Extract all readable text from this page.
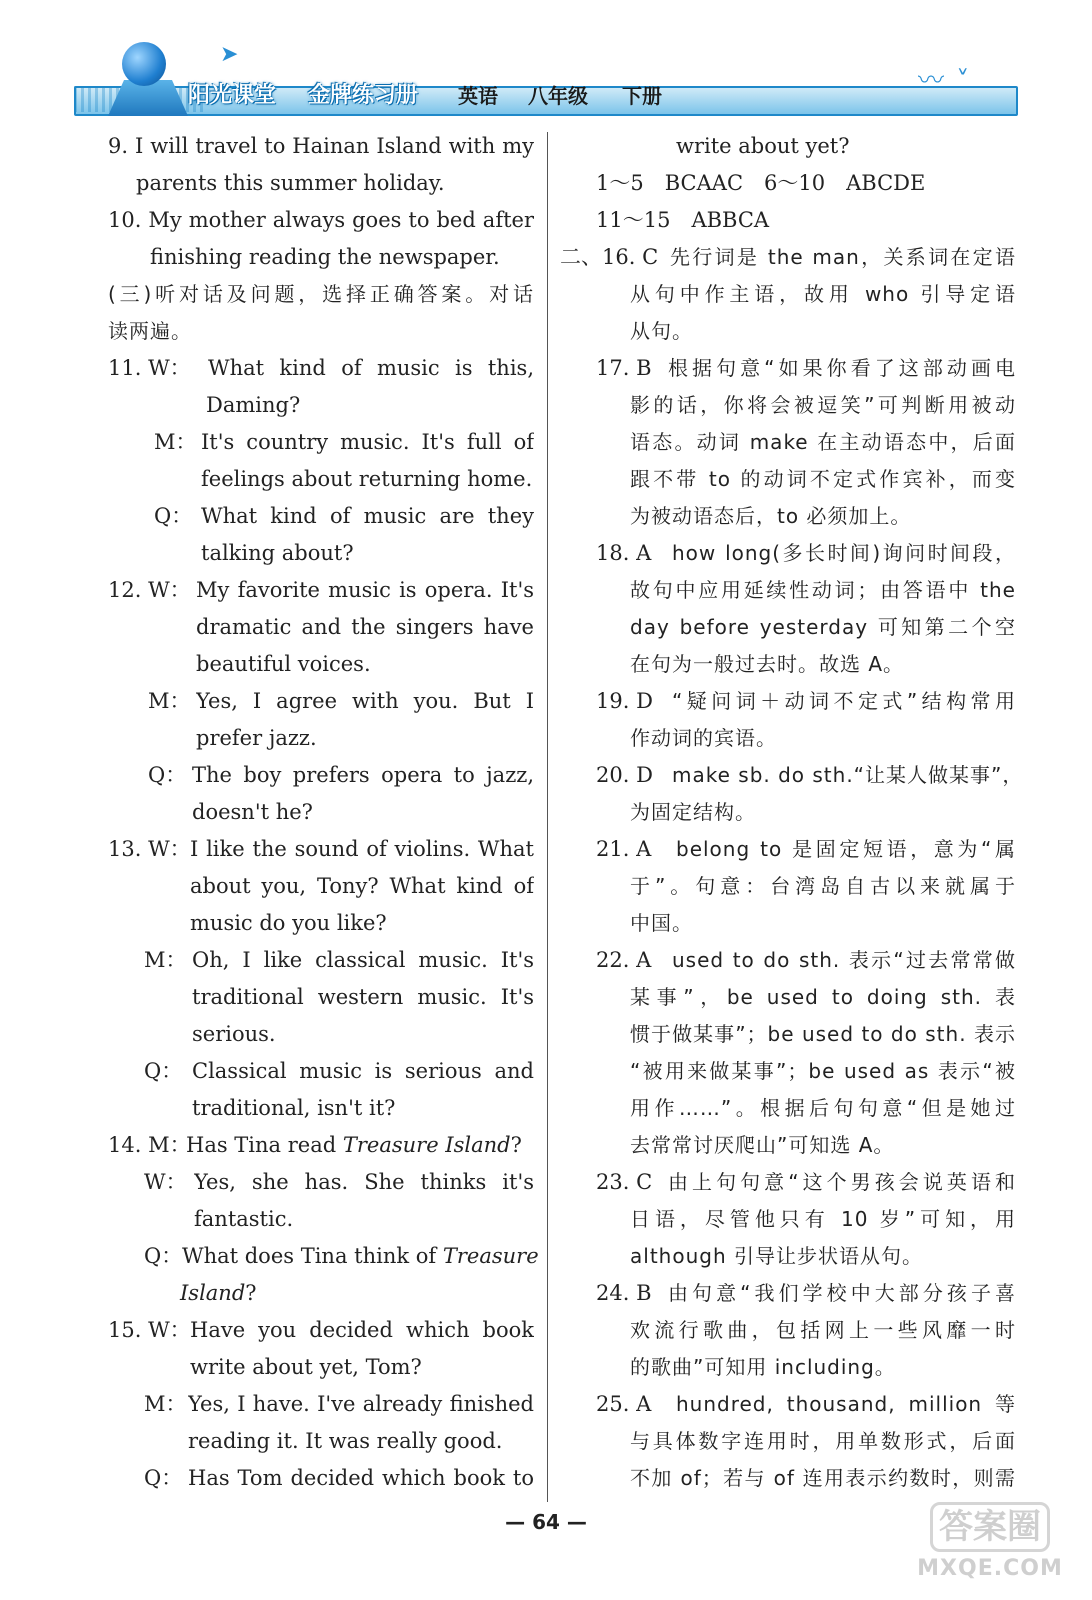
➤
〰 ˅
阳光课堂 金牌练习册 英语 八年级 下册
9. I will travel to Hainan Island with my
parents this summer holiday.
10. My mother always goes to bed after
finishing reading the newspaper.
(三)听对话及问题，选择正确答案。对话
读两遍。
11. W： What kind of music is this,
Daming?
M： It's country music. It's full of
feelings about returning home.
Q： What kind of music are they
talking about?
12. W： My favorite music is opera. It's
dramatic and the singers have
beautiful voices.
M： Yes, I agree with you. But I
prefer jazz.
Q： The boy prefers opera to jazz,
doesn't he?
13. W： I like the sound of violins. What
about you, Tony? What kind of
music do you like?
M： Oh, I like classical music. It's
traditional western music. It's
serious.
Q： Classical music is serious and
traditional, isn't it?
14. M：
Has Tina read Treasure Island?
W： Yes, she has. She thinks it's
fantastic.
Q： What does Tina think of Treasure
Island?
15. W： Have you decided which book
write about yet, Tom?
M： Yes, I have. I've already finished
reading it. It was really good.
Q： Has Tom decided which book to
write about yet?
1～5　BCAAC　6～10　ABCDE
11～15　ABBCA
二、16. C 先行词是 the man，关系词在定语
从句中作主语，故用 who 引导定语
从句。
17. B 根据句意“如果你看了这部动画电
影的话，你将会被逗笑”可判断用被动
语态。动词 make 在主动语态中，后面
跟不带 to 的动词不定式作宾补，而变
为被动语态后，to 必须加上。
18. A how long(多长时间)询问时间段，
故句中应用延续性动词；由答语中 the
day before yesterday 可知第二个空
在句为一般过去时。故选 A。
19. D “疑问词＋动词不定式”结构常用
作动词的宾语。
20. D make sb. do sth.“让某人做某事”，
为固定结构。
21. A belong to 是固定短语，意为“属
于”。句意：台湾岛自古以来就属于
中国。
22. A used to do sth. 表示“过去常常做
某事”，be used to doing sth. 表
惯于做某事”；be used to do sth. 表示
“被用来做某事”；be used as 表示“被
用作……”。根据后句句意“但是她过
去常常讨厌爬山”可知选 A。
23. C 由上句句意“这个男孩会说英语和
日语，尽管他只有 10 岁”可知，用
although 引导让步状语从句。
24. B 由句意“我们学校中大部分孩子喜
欢流行歌曲，包括网上一些风靡一时
的歌曲”可知用 including。
25. A hundred, thousand, million 等
与具体数字连用时，用单数形式，后面
不加 of；若与 of 连用表示约数时，则需
— 64 —	答案圈
MXQE.COM
